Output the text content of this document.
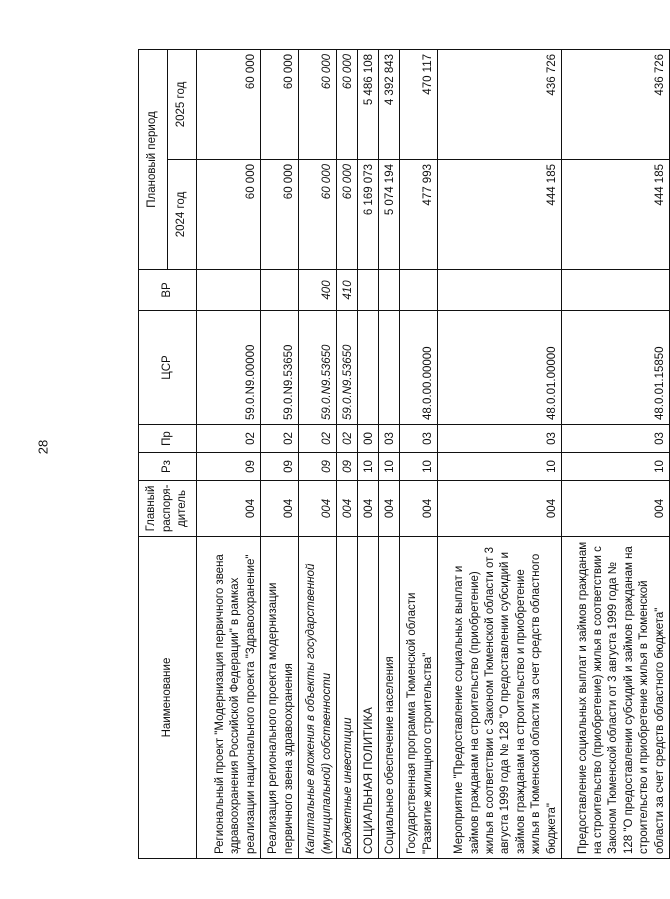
28
Наименование	Главный распоря-дитель	Рз	Пр	ЦСР	ВР	Плановый период	
						2024 год	2025 год
Региональный проект "Модернизация первичного звена здравоохранения Российской Федерации" в рамках реализации национального проекта "Здравоохранение"	004	09	02	59.0.N9.00000		60 000	60 000
Реализация регионального проекта модернизации первичного звена здравоохранения	004	09	02	59.0.N9.53650		60 000	60 000
Капитальные вложения в объекты государственной (муниципальной) собственности	004	09	02	59.0.N9.53650	400	60 000	60 000
Бюджетные инвестиции	004	09	02	59.0.N9.53650	410	60 000	60 000
СОЦИАЛЬНАЯ ПОЛИТИКА	004	10	00			6 169 073	5 486 108
Социальное обеспечение населения	004	10	03			5 074 194	4 392 843
Государственная программа Тюменской области "Развитие жилищного строительства"	004	10	03	48.0.00.00000		477 993	470 117
Мероприятие "Предоставление социальных выплат и займов гражданам на строительство (приобретение) жилья в соответствии с Законом Тюменской области от 3 августа 1999 года № 128 "О предоставлении субсидий и займов гражданам на строительство и приобретение жилья в Тюменской области за счет средств областного бюджета"	004	10	03	48.0.01.00000		444 185	436 726
Предоставление социальных выплат и займов гражданам на строительство (приобретение) жилья в соответствии с Законом Тюменской области от 3 августа 1999 года № 128 "О предоставлении субсидий и займов гражданам на строительство и приобретение жилья в Тюменской области за счет средств областного бюджета"	004	10	03	48.0.01.15850		444 185	436 726
